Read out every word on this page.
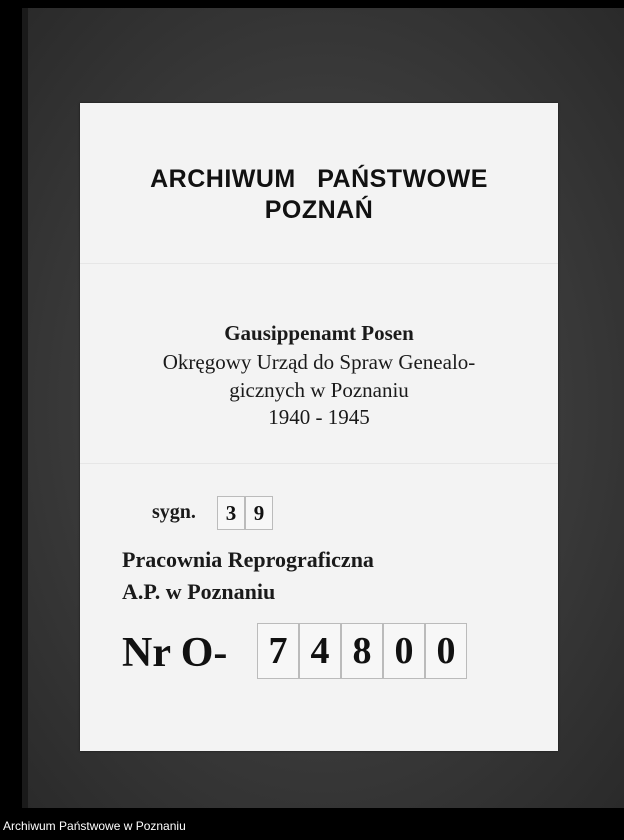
ARCHIWUM PAŃSTWOWE
POZNAŃ
Gausippenamt Posen
Okręgowy Urząd do Spraw Genealo-
gicznych w Poznaniu
1940 - 1945
sygn.	3 9
Pracownia Reprograficzna
A.P. w Poznaniu
Nr O-	7 4 8 0 0
Archiwum Państwowe w Poznaniu
